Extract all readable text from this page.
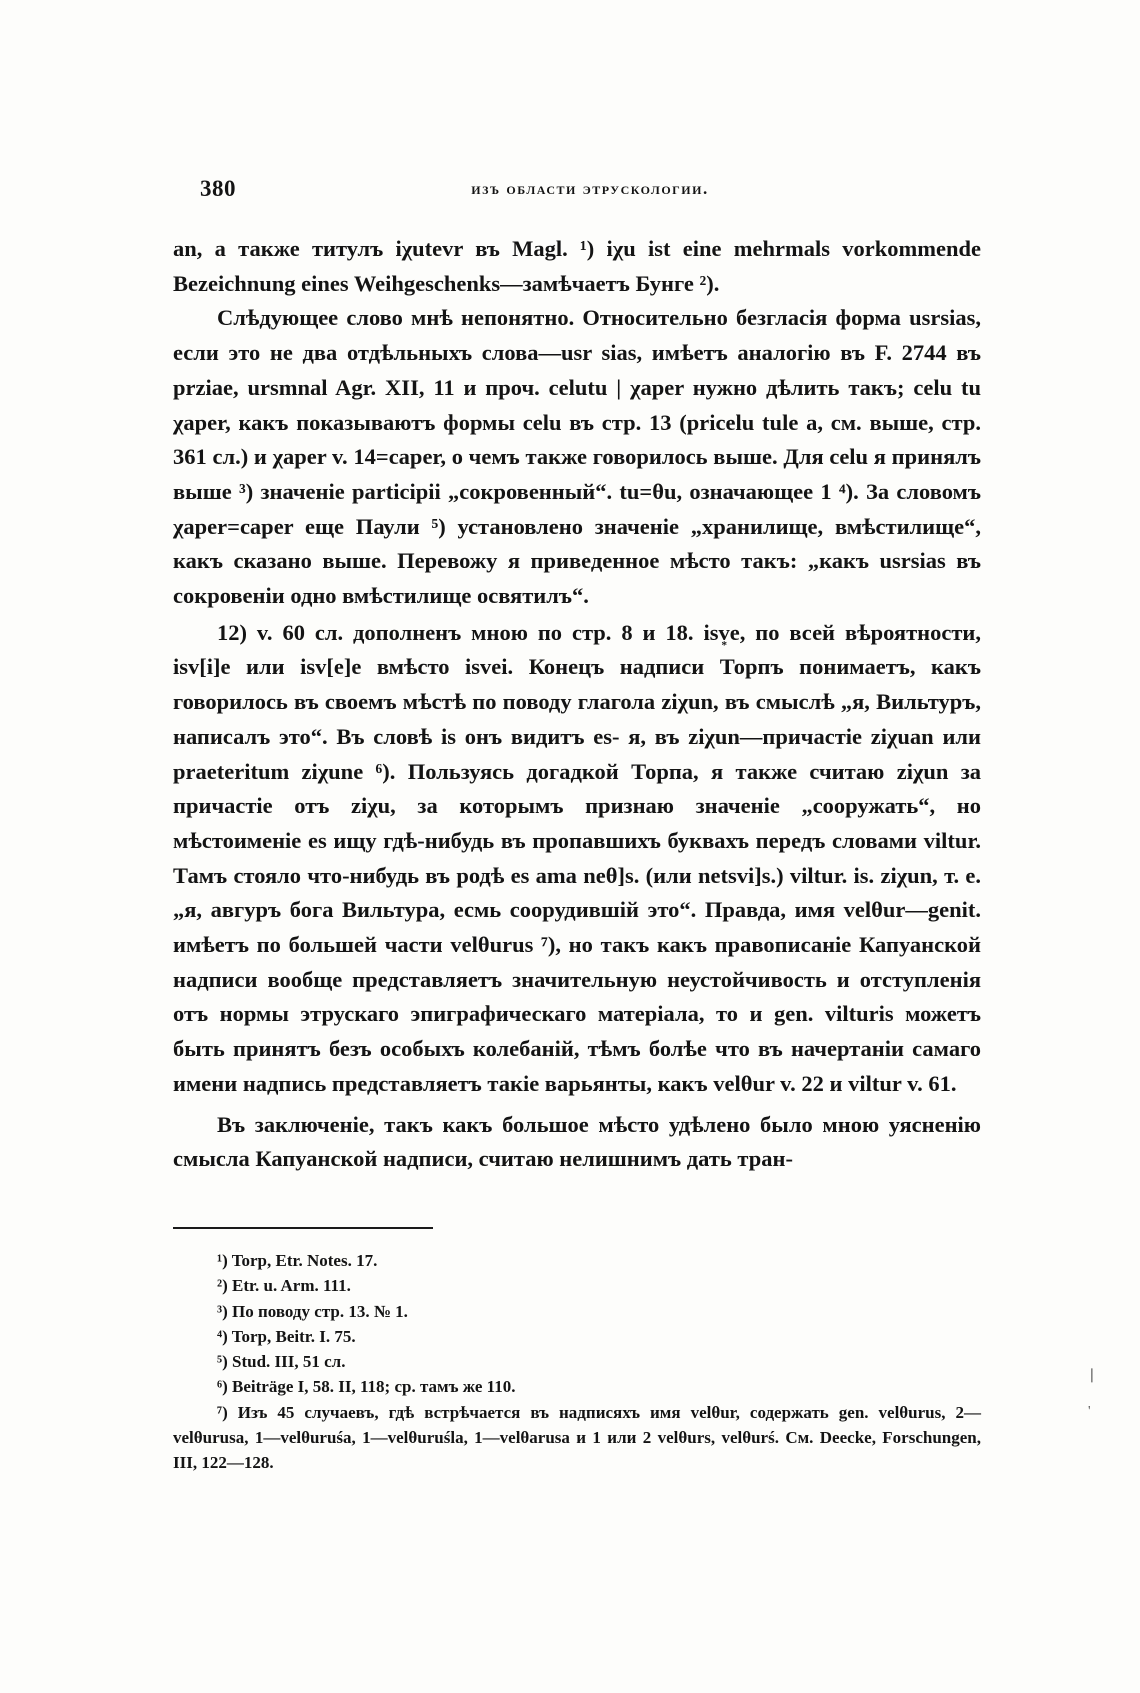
380	изъ области этрускологии.

an, a также титулъ iχutevr въ Magl. ¹) iχu ist eine mehrmals vorkommende Bezeichnung eines Weihgeschenks—замѣчаетъ Бунге ²).

Слѣдующее слово мнѣ непонятно. Относительно безгласія форма usrsias, если это не два отдѣльныхъ слова—usr sias, имѣетъ аналогію въ F. 2744 въ prziae, ursmnal Agr. XII, 11 и проч. celutu | χaper нужно дѣлить такъ; celu tu χaper, какъ показываютъ формы celu въ стр. 13 (pricelu tule a, см. выше, стр. 361 сл.) и χaper v. 14=caper, о чемъ также говорилось выше. Для celu я принялъ выше ³) значеніе participii „сокровенный“. tu=θu, означающее 1 ⁴). За словомъ χaper=caper еще Паули ⁵) установлено значеніе „хранилище, вмѣстилище“, какъ сказано выше. Перевожу я приведенное мѣсто такъ: „какъ usrsias въ сокровеніи одно вмѣстилище освятилъ“.

12) v. 60 сл. дополненъ мною по стр. 8 и 18. isv͙e, по всей вѣроятности, isv[i]e или isv[e]e вмѣсто isvei. Конецъ надписи Торпъ понимаетъ, какъ говорилось въ своемъ мѣстѣ по поводу глагола ziχun, въ смыслѣ „я, Вильтуръ, написалъ это“. Въ словѣ is онъ видитъ es- я, въ ziχun—причастіе ziχuan или praeteritum ziχune ⁶). Пользуясь догадкой Торпа, я также считаю ziχun за причастіе отъ ziχu, за которымъ признаю значеніе „сооружать“, но мѣстоименіе es ищу гдѣ-нибудь въ пропавшихъ буквахъ передъ словами viltur. Тамъ стояло что-нибудь въ родѣ es ama neθ]s. (или netsvi]s.) viltur. is. ziχun, т. е. „я, авгуръ бога Вильтура, есмь соорудившій это“. Правда, имя velθur—genit. имѣетъ по большей части velθurus ⁷), но такъ какъ правописаніе Капуанской надписи вообще представляетъ значительную неустойчивость и отступленія отъ нормы этрускаго эпиграфическаго матеріала, то и gen. vilturis можетъ быть принятъ безъ особыхъ колебаній, тѣмъ болѣе что въ начертаніи самаго имени надпись представляетъ такіе варьянты, какъ velθur v. 22 и viltur v. 61.

Въ заключеніе, такъ какъ большое мѣсто удѣлено было мною уясненію смысла Капуанской надписи, считаю нелишнимъ дать тран-

¹) Torp, Etr. Notes. 17.
²) Etr. u. Arm. 111.
³) По поводу стр. 13. № 1.
⁴) Torp, Beitr. I. 75.
⁵) Stud. III, 51 сл.
⁶) Beiträge I, 58. II, 118; ср. тамъ же 110.
⁷) Изъ 45 случаевъ, гдѣ встрѣчается въ надписяхъ имя velθur, содержать gen. velθurus, 2—velθurusa, 1—velθuruśa, 1—velθuruśla, 1—velθarusa и 1 или 2 velθurs, velθurś. См. Deecke, Forschungen, III, 122—128.
❘
'
